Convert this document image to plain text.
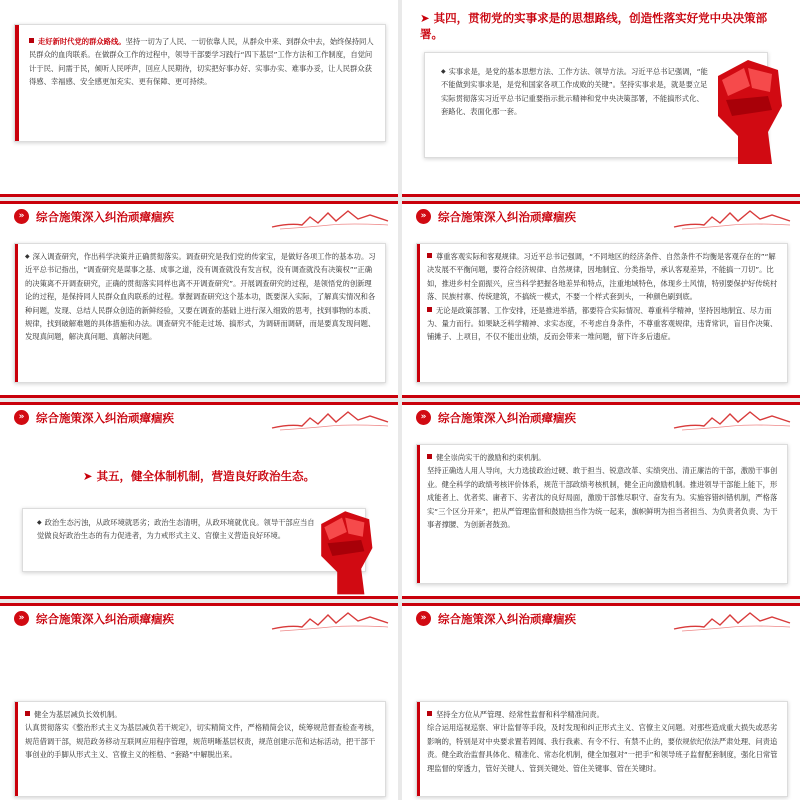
走好新时代党的群众路线。坚持一切为了人民、一切依靠人民，从群众中来、到群众中去，始终保持同人民群众的血肉联系。在做群众工作的过程中，领导干部要学习践行“四下基层”工作方法和工作制度，自觉问计于民、问需于民，倾听人民呼声，回应人民期待，切实把好事办好、实事办实、难事办妥，让人民群众获得感、幸福感、安全感更加充实、更有保障、更可持续。
➤ 其四，贯彻党的实事求是的思想路线，创造性落实好党中央决策部署。
◆ 实事求是，是党的基本思想方法、工作方法、领导方法。习近平总书记强调，“能不能做到实事求是，是党和国家各项工作成败的关键”。坚持实事求是，就是要立足实际贯彻落实习近平总书记重要指示批示精神和党中央决策部署，不能搞形式化、套路化、表面化那一套。
»	综合施策深入纠治顽瘴痼疾
◆ 深入调查研究，作出科学决策并正确贯彻落实。调查研究是我们党的传家宝，是做好各项工作的基本功。习近平总书记指出，“调查研究是谋事之基、成事之道，没有调查就没有发言权，没有调查就没有决策权”“正确的决策离不开调查研究，正确的贯彻落实同样也离不开调查研究”。开展调查研究的过程，是领悟党的创新理论的过程，是保持同人民群众血肉联系的过程。掌握调查研究这个基本功，既要深入实际，了解真实情况和各种问题，发现、总结人民群众创造的新鲜经验，又要在调查的基础上进行深入细致的思考，找到事物的本质、规律，找到破解难题的具体措施和办法。调查研究不能走过场、搞形式，为调研而调研，而是要真发现问题、发现真问题，解决真问题、真解决问题。
»	综合施策深入纠治顽瘴痼疾
尊重客观实际和客观规律。习近平总书记强调，“不同地区的经济条件、自然条件不均衡是客观存在的”“解决发展不平衡问题，要符合经济规律、自然规律，因地制宜、分类指导，承认客观差异，不能搞一刀切”。比如，推进乡村全面振兴，应当科学把握各地差异和特点，注重地域特色，体现乡土风情，特别要保护好传统村落、民族村寨、传统建筑，不搞统一模式，不要一个样式套到头，一种颜色刷到底。
无论是政策部署、工作安排，还是推进举措，都要符合实际情况、尊重科学精神，坚持因地制宜、尽力而为、量力而行。如果缺乏科学精神、求实态度，不考虑自身条件，不尊重客观规律，违背常识，盲目作决策、铺摊子、上项目，不仅不能出业绩，反而会带来一堆问题，留下许多后遗症。
»	综合施策深入纠治顽瘴痼疾
➤ 其五，健全体制机制，营造良好政治生态。
◆ 政治生态污浊，从政环境就恶劣；政治生态清明，从政环境就优良。领导干部应当自觉做良好政治生态的有力促进者，为力戒形式主义、官僚主义营造良好环境。
»	综合施策深入纠治顽瘴痼疾
健全崇尚实干的激励和约束机制。
坚持正确选人用人导向，大力选拔政治过硬、敢于担当、锐意改革、实绩突出、清正廉洁的干部，激励干事创业。健全科学的政绩考核评价体系，规范干部政绩考核机制，健全正向激励机制。推进领导干部能上能下，形成能者上、优者奖、庸者下、劣者汰的良好局面，激励干部惟尽职守、奋发有为。实施容错纠错机制，严格落实“三个区分开来”，把从严管理监督和鼓励担当作为统一起来，旗帜鲜明为担当者担当、为负责者负责、为干事者撑腰、为创新者鼓劲。
»	综合施策深入纠治顽瘴痼疾
健全为基层减负长效机制。
认真贯彻落实《整治形式主义为基层减负若干规定》，切实精简文件，严格精简会议，统筹规范督查检查考核，规范借调干部，规范政务移动互联网应用程序管理，规范明晰基层权责，规范创建示范和达标活动，把干部干事创业的手脚从形式主义、官僚主义的桎梏、“套路”中解脱出来。
»	综合施策深入纠治顽瘴痼疾
坚持全方位从严管理、经常性监督和科学精准问责。
综合运用巡视巡察、审计监督等手段，及时发现和纠正形式主义、官僚主义问题。对那些造成重大损失或恶劣影响的，特别是对中央要求置若罔闻、我行我素、有令不行、有禁不止的，要依规依纪依法严肃处理、问责追责。健全政治监督具体化、精准化、常态化机制，健全加强对“一把手”和领导班子监督配套制度，强化日常管理监督的穿透力，管好关键人、管到关键处、管住关键事、管在关键时。
